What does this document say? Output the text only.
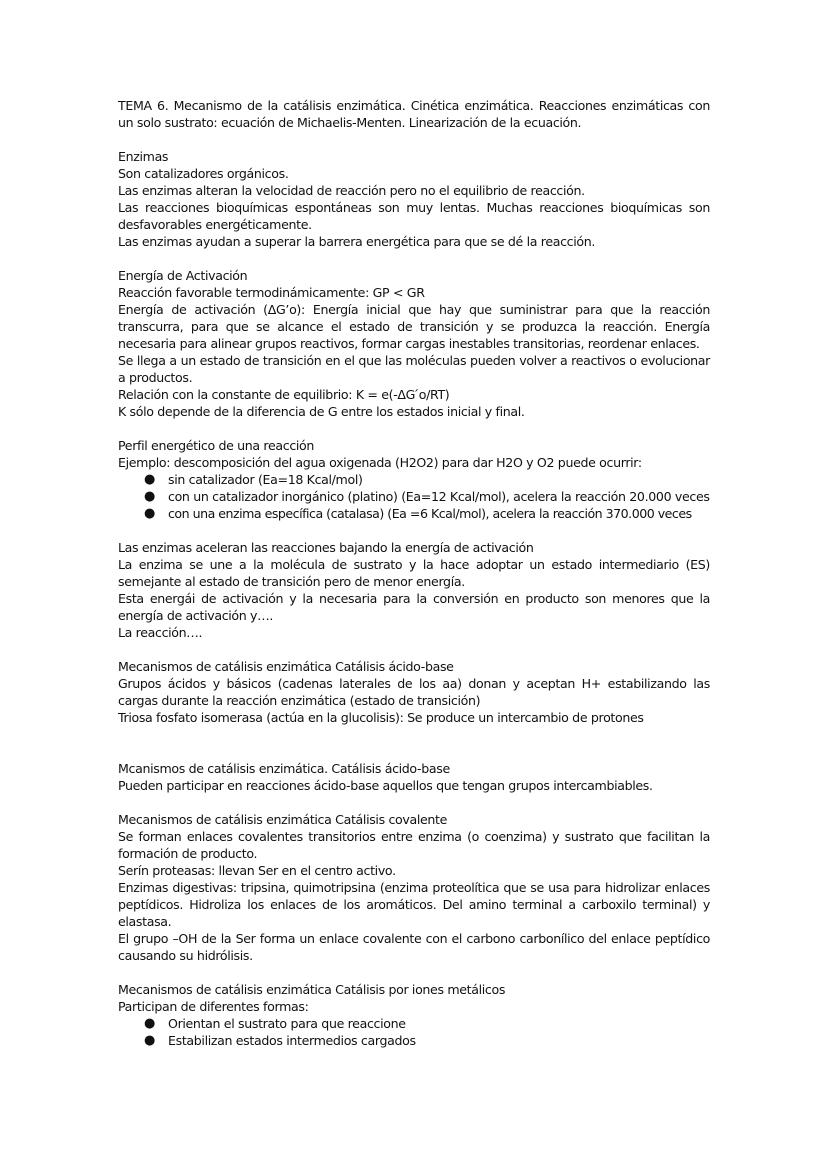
TEMA 6. Mecanismo de la catálisis enzimática. Cinética enzimática. Reacciones enzimáticas con un solo sustrato: ecuación de Michaelis-Menten. Linearización de la ecuación.

Enzimas

Son catalizadores orgánicos.

Las enzimas alteran la velocidad de reacción pero no el equilibrio de reacción.

Las reacciones bioquímicas espontáneas son muy lentas. Muchas reacciones bioquímicas son desfavorables energéticamente.

Las enzimas ayudan a superar la barrera energética para que se dé la reacción.

Energía de Activación

Reacción favorable termodinámicamente: GP < GR

Energía de activación (ΔG’o): Energía inicial que hay que suministrar para que la reacción transcurra, para que se alcance el estado de transición y se produzca la reacción. Energía necesaria para alinear grupos reactivos, formar cargas inestables transitorias, reordenar enlaces.

Se llega a un estado de transición en el que las moléculas pueden volver a reactivos o evolucionar a productos.

Relación con la constante de equilibrio: K = e(-ΔG ́o/RT)

K sólo depende de la diferencia de G entre los estados inicial y final.

Perfil energético de una reacción

Ejemplo: descomposición del agua oxigenada (H2O2) para dar H2O y O2 puede ocurrir:

● sin catalizador (Ea=18 Kcal/mol)
● con un catalizador inorgánico (platino) (Ea=12 Kcal/mol), acelera la reacción 20.000 veces
● con una enzima específica (catalasa) (Ea =6 Kcal/mol), acelera la reacción 370.000 veces

Las enzimas aceleran las reacciones bajando la energía de activación

La enzima se une a la molécula de sustrato y la hace adoptar un estado intermediario (ES) semejante al estado de transición pero de menor energía.

Esta energái de activación y la necesaria para la conversión en producto son menores que la energía de activación y….

La reacción….

Mecanismos de catálisis enzimática Catálisis ácido-base

Grupos ácidos y básicos (cadenas laterales de los aa) donan y aceptan H+ estabilizando las cargas durante la reacción enzimática (estado de transición)

Triosa fosfato isomerasa (actúa en la glucolisis): Se produce un intercambio de protones

Mcanismos de catálisis enzimática. Catálisis ácido-base

Pueden participar en reacciones ácido-base aquellos que tengan grupos intercambiables.

Mecanismos de catálisis enzimática Catálisis covalente

Se forman enlaces covalentes transitorios entre enzima (o coenzima) y sustrato que facilitan la formación de producto.

Serín proteasas: llevan Ser en el centro activo.

Enzimas digestivas: tripsina, quimotripsina (enzima proteolítica que se usa para hidrolizar enlaces peptídicos. Hidroliza los enlaces de los aromáticos. Del amino terminal a carboxilo terminal) y elastasa.

El grupo –OH de la Ser forma un enlace covalente con el carbono carbonílico del enlace peptídico causando su hidrólisis.

Mecanismos de catálisis enzimática Catálisis por iones metálicos

Participan de diferentes formas:

● Orientan el sustrato para que reaccione
● Estabilizan estados intermedios cargados
